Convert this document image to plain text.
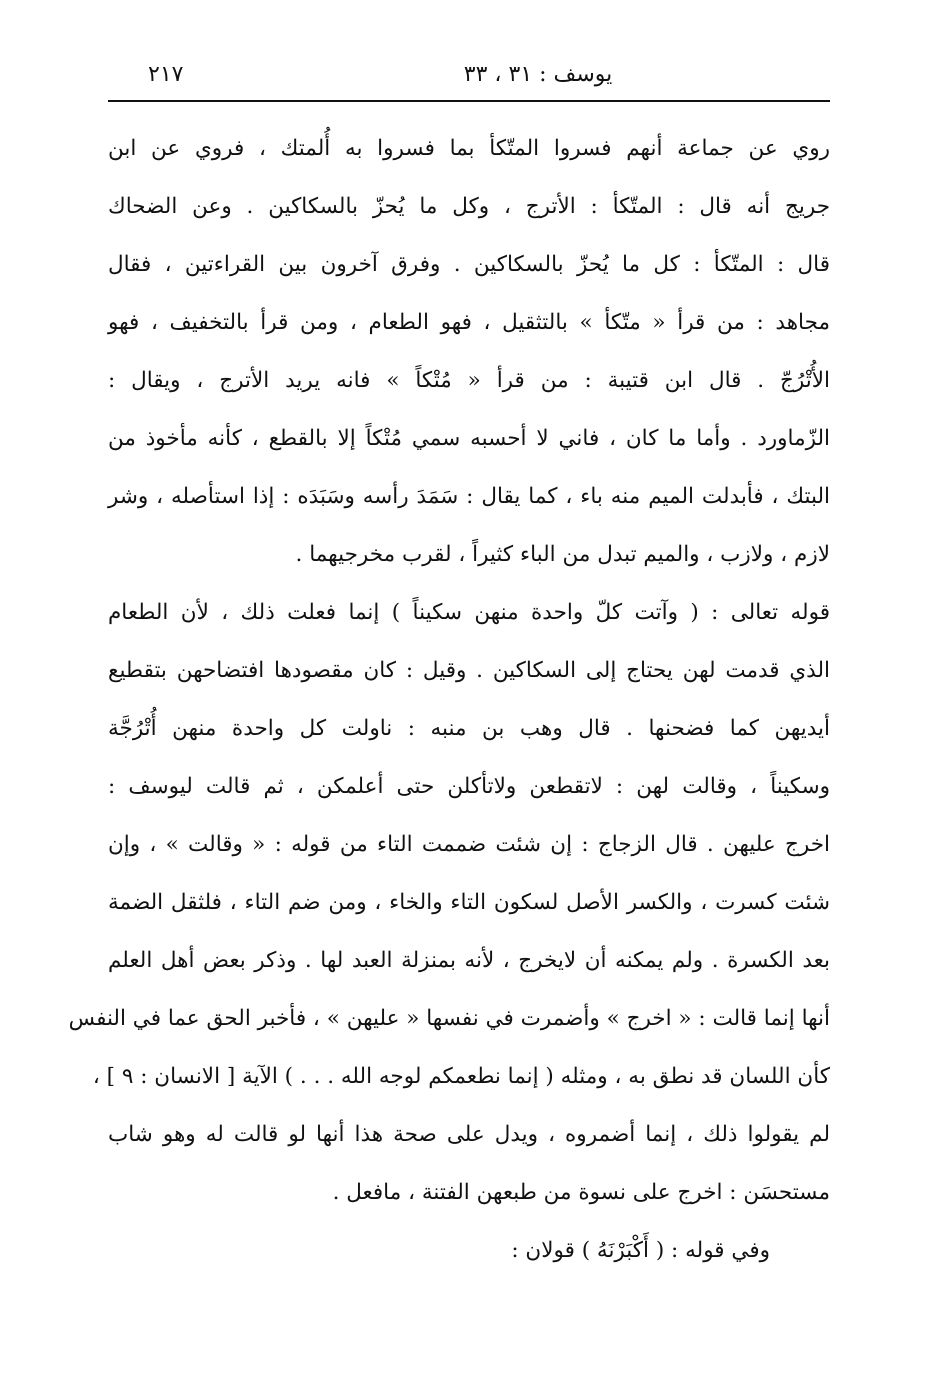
٢١٧	يوسف : ٣١ ، ٣٣
روي عن جماعة أنهم فسروا المتّكأ بما فسروا به أُلمتك ، فروي عن ابن
جريج أنه قال : المتّكأ : الأترج ، وكل ما يُحزّ بالسكاكين . وعن الضحاك
قال : المتّكأ : كل ما يُحزّ بالسكاكين . وفرق آخرون بين القراءتين ، فقال
مجاهد : من قرأ « متّكأ » بالتثقيل ، فهو الطعام ، ومن قرأ بالتخفيف ، فهو
الأُتْرُجّ . قال ابن قتيبة : من قرأ « مُتْكاً » فانه يريد الأترج ، ويقال :
الزّماورد . وأما ما كان ، فاني لا أحسبه سمي مُتْكاً إلا بالقطع ، كأنه مأخوذ من
البتك ، فأبدلت الميم منه باء ، كما يقال : سَمَدَ رأسه وسَبَدَه : إذا استأصله ، وشر
لازم ، ولازب ، والميم تبدل من الباء كثيراً ، لقرب مخرجيهما .
قوله تعالى : ( وآتت كلّ واحدة منهن سكيناً ) إنما فعلت ذلك ، لأن الطعام
الذي قدمت لهن يحتاج إلى السكاكين . وقيل : كان مقصودها افتضاحهن بتقطيع
أيديهن كما فضحنها . قال وهب بن منبه : ناولت كل واحدة منهن أُتْرُجَّة
وسكيناً ، وقالت لهن : لاتقطعن ولاتأكلن حتى أعلمكن ، ثم قالت ليوسف :
اخرج عليهن . قال الزجاج : إن شئت ضممت التاء من قوله : « وقالت » ، وإن
شئت كسرت ، والكسر الأصل لسكون التاء والخاء ، ومن ضم التاء ، فلثقل الضمة
بعد الكسرة . ولم يمكنه أن لايخرج ، لأنه بمنزلة العبد لها . وذكر بعض أهل العلم
أنها إنما قالت : « اخرج » وأضمرت في نفسها « عليهن » ، فأخبر الحق عما في النفس
كأن اللسان قد نطق به ، ومثله ( إنما نطعمكم لوجه الله . . . ) الآية [ الانسان : ٩ ] ،
لم يقولوا ذلك ، إنما أضمروه ، ويدل على صحة هذا أنها لو قالت له وهو شاب
مستحسَن : اخرج على نسوة من طبعهن الفتنة ، مافعل .
وفي قوله : ( أَكْبَرْنَهُ ) قولان :
